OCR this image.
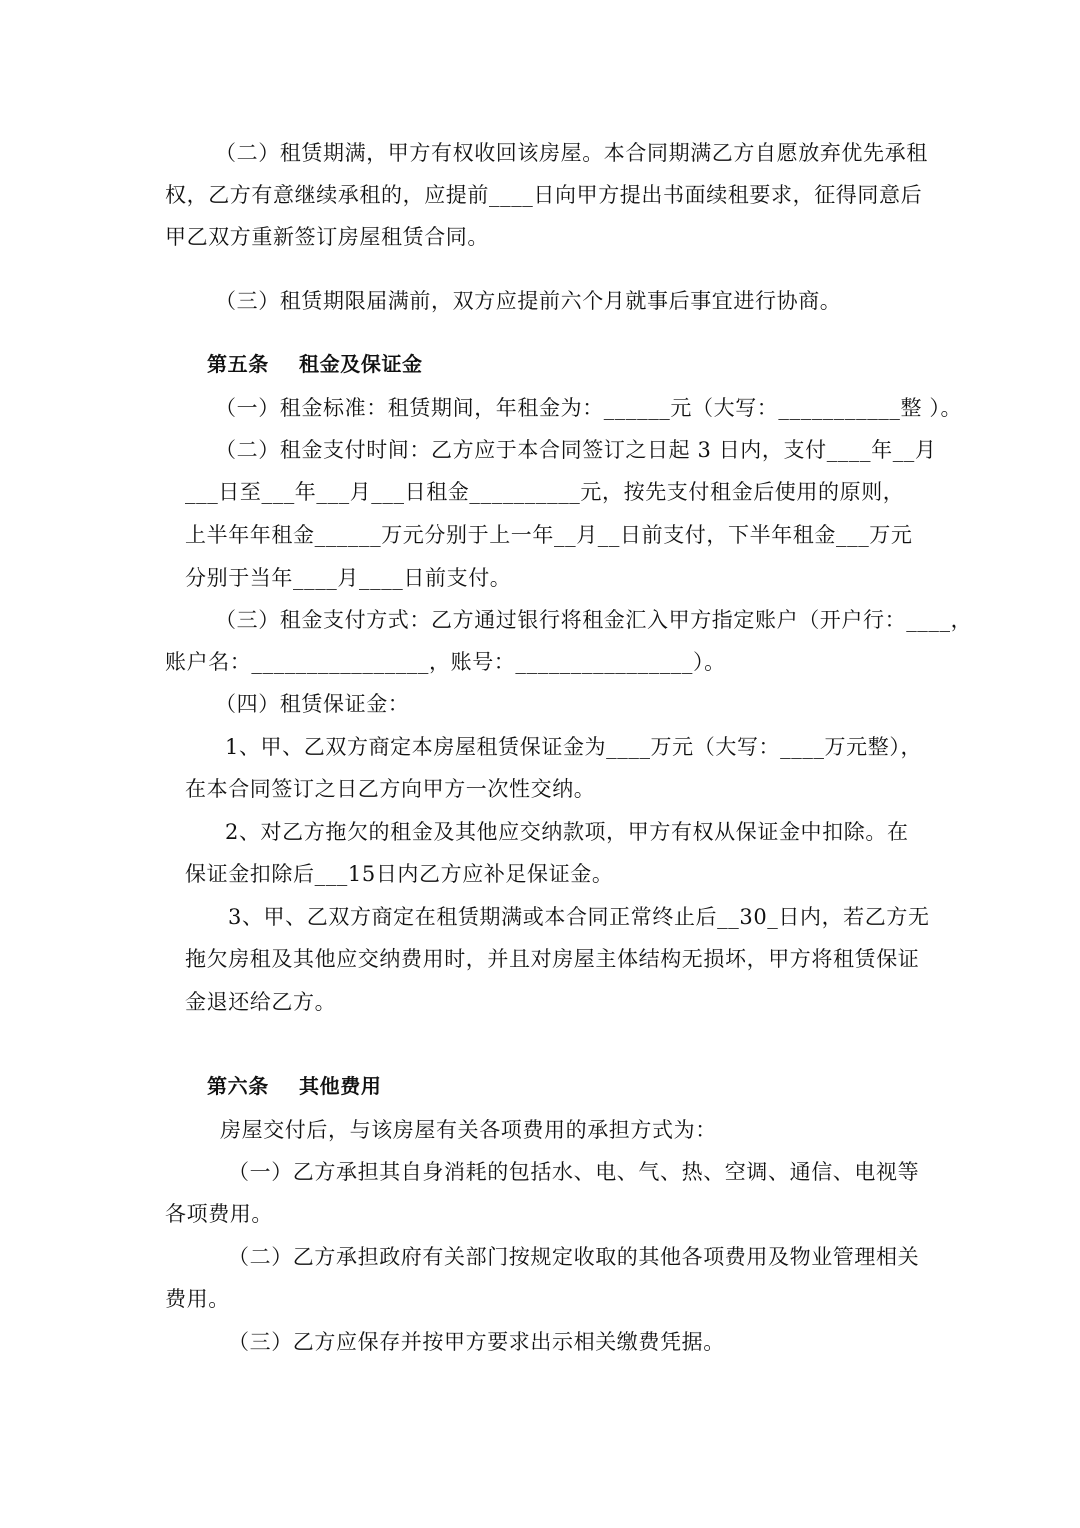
（二）租赁期满，甲方有权收回该房屋。本合同期满乙方自愿放弃优先承租
权，乙方有意继续承租的，应提前____日向甲方提出书面续租要求，征得同意后
甲乙双方重新签订房屋租赁合同。
（三）租赁期限届满前，双方应提前六个月就事后事宜进行协商。
第五条    租金及保证金
（一）租金标准：租赁期间，年租金为：______元（大写：___________整 ）。
（二）租金支付时间：乙方应于本合同签订之日起 3 日内，支付____年__月
___日至___年___月___日租金__________元，按先支付租金后使用的原则，
上半年年租金______万元分别于上一年__月__日前支付，下半年租金___万元
分别于当年____月____日前支付。
（三）租金支付方式：乙方通过银行将租金汇入甲方指定账户（开户行：____，
账户名：________________，账号：________________）。
（四）租赁保证金：
1、甲、乙双方商定本房屋租赁保证金为____万元（大写：____万元整），
在本合同签订之日乙方向甲方一次性交纳。
2、对乙方拖欠的租金及其他应交纳款项，甲方有权从保证金中扣除。在
保证金扣除后___15日内乙方应补足保证金。
3、甲、乙双方商定在租赁期满或本合同正常终止后__30_日内，若乙方无
拖欠房租及其他应交纳费用时，并且对房屋主体结构无损坏，甲方将租赁保证
金退还给乙方。
第六条    其他费用
房屋交付后，与该房屋有关各项费用的承担方式为：
（一）乙方承担其自身消耗的包括水、电、气、热、空调、通信、电视等
各项费用。
（二）乙方承担政府有关部门按规定收取的其他各项费用及物业管理相关
费用。
（三）乙方应保存并按甲方要求出示相关缴费凭据。
